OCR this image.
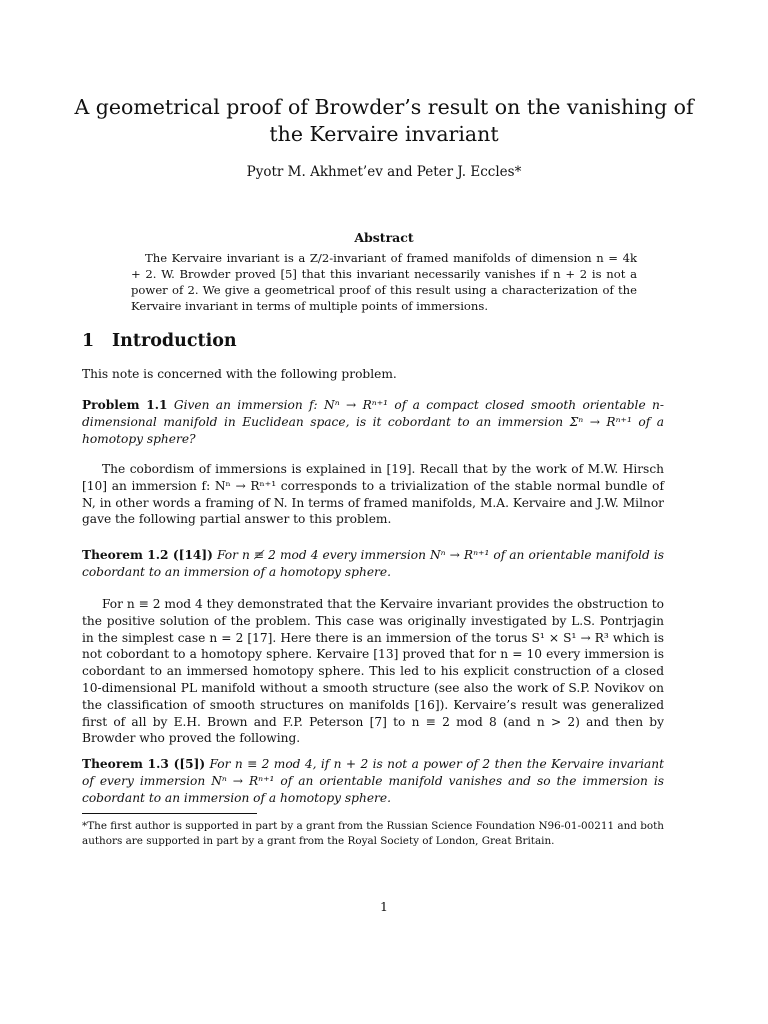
A geometrical proof of Browder’s result on the vanishing of the Kervaire invariant
Pyotr M. Akhmet’ev and Peter J. Eccles*
Abstract

The Kervaire invariant is a Z/2-invariant of framed manifolds of dimension n = 4k + 2. W. Browder proved [5] that this invariant necessarily vanishes if n + 2 is not a power of 2. We give a geometrical proof of this result using a characterization of the Kervaire invariant in terms of multiple points of immersions.

1 Introduction

This note is concerned with the following problem.

Problem 1.1 Given an immersion f: Nⁿ → Rⁿ⁺¹ of a compact closed smooth orientable n-dimensional manifold in Euclidean space, is it cobordant to an immersion Σⁿ → Rⁿ⁺¹ of a homotopy sphere?

The cobordism of immersions is explained in [19]. Recall that by the work of M.W. Hirsch [10] an immersion f: Nⁿ → Rⁿ⁺¹ corresponds to a trivialization of the stable normal bundle of N, in other words a framing of N. In terms of framed manifolds, M.A. Kervaire and J.W. Milnor gave the following partial answer to this problem.

Theorem 1.2 ([14]) For n ≢ 2 mod 4 every immersion Nⁿ → Rⁿ⁺¹ of an orientable manifold is cobordant to an immersion of a homotopy sphere.

For n ≡ 2 mod 4 they demonstrated that the Kervaire invariant provides the obstruction to the positive solution of the problem. This case was originally investigated by L.S. Pontrjagin in the simplest case n = 2 [17]. Here there is an immersion of the torus S¹ × S¹ → R³ which is not cobordant to a homotopy sphere. Kervaire [13] proved that for n = 10 every immersion is cobordant to an immersed homotopy sphere. This led to his explicit construction of a closed 10-dimensional PL manifold without a smooth structure (see also the work of S.P. Novikov on the classification of smooth structures on manifolds [16]). Kervaire’s result was generalized first of all by E.H. Brown and F.P. Peterson [7] to n ≡ 2 mod 8 (and n > 2) and then by Browder who proved the following.

Theorem 1.3 ([5]) For n ≡ 2 mod 4, if n + 2 is not a power of 2 then the Kervaire invariant of every immersion Nⁿ → Rⁿ⁺¹ of an orientable manifold vanishes and so the immersion is cobordant to an immersion of a homotopy sphere.

*The first author is supported in part by a grant from the Russian Science Foundation N96-01-00211 and both authors are supported in part by a grant from the Royal Society of London, Great Britain.

1
